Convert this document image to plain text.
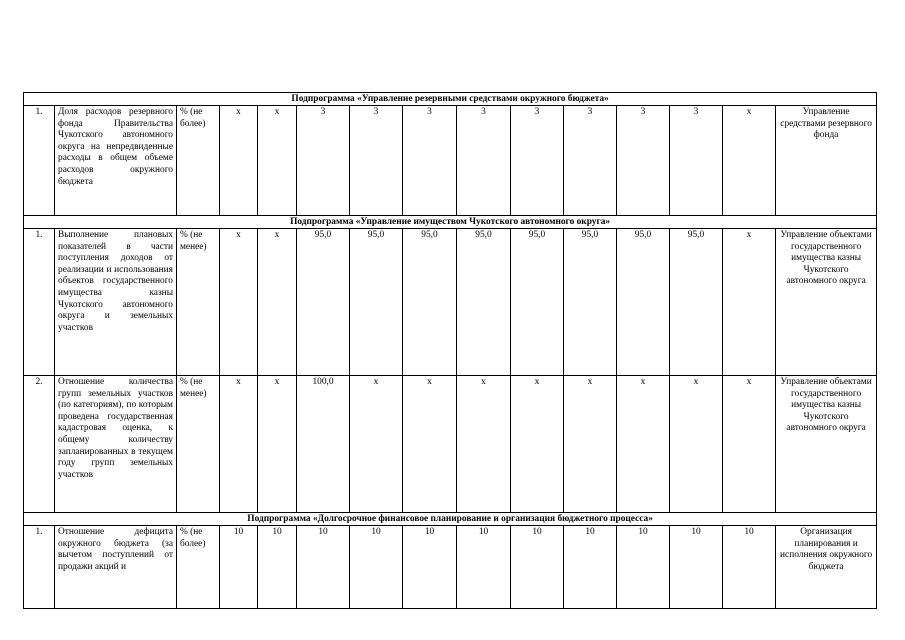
Подпрограмма «Управление резервными средствами окружного бюджета»														
1.	Доля расходов резервного фонда Правительства Чукотского автономного округа на непредвиденные расходы в общем объеме расходов окружного бюджета	% (не более)	х	х	3	3	3	3	3	3	3	3	х	Управление средствами резервного фонда
Подпрограмма «Управление имуществом Чукотского автономного округа»														
1.	Выполнение плановых показателей в части поступления доходов от реализации и использования объектов государственного имущества казны Чукотского автономного округа и земельных участков	% (не менее)	х	х	95,0	95,0	95,0	95,0	95,0	95,0	95,0	95,0	х	Управление объектами государственного имущества казны Чукотского автономного округа
2.	Отношение количества групп земельных участков (по категориям), по которым проведена государственная кадастровая оценка, к общему количеству запланированных в текущем году групп земельных участков	% (не менее)	х	х	100,0	х	х	х	х	х	х	х	х	Управление объектами государственного имущества казны Чукотского автономного округа
Подпрограмма «Долгосрочное финансовое планирование и организация бюджетного процесса»														
1.	Отношение дефицита окружного бюджета (за вычетом поступлений от продажи акций и	% (не более)	10	10	10	10	10	10	10	10	10	10	10	Организация планирования и исполнения окружного бюджета
